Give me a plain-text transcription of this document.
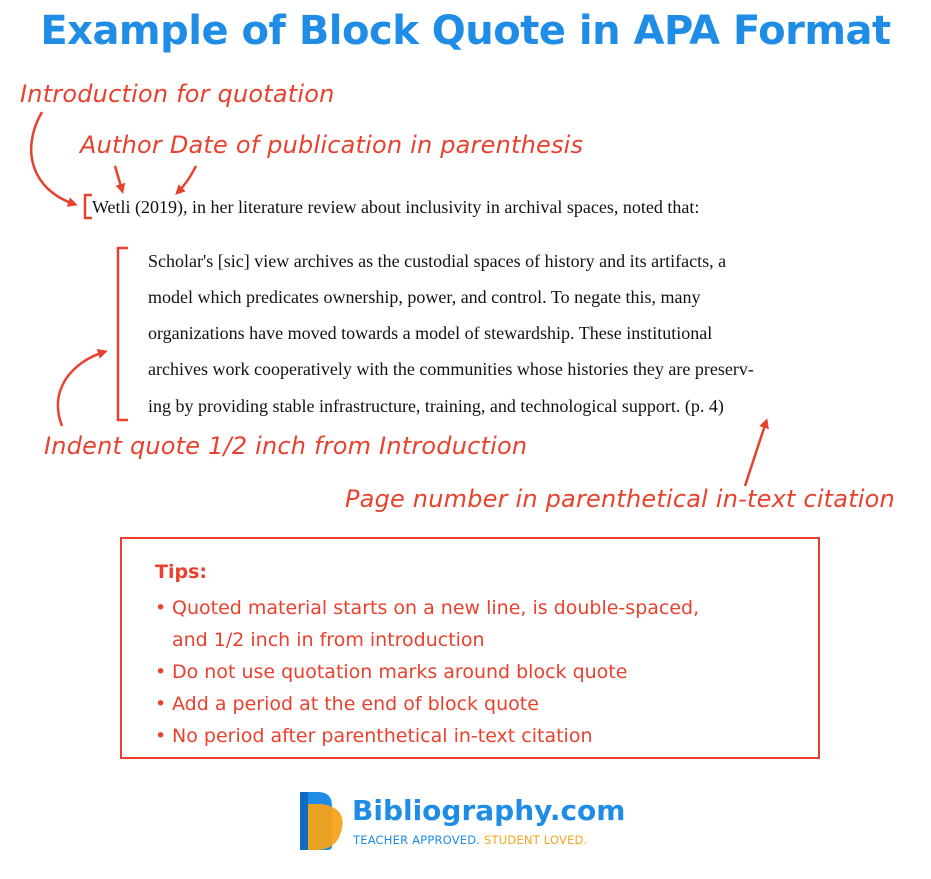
Example of Block Quote in APA Format
Introduction for quotation
Author Date of publication in parenthesis
Wetli (2019), in her literature review about inclusivity in archival spaces, noted that:
Scholar's [sic] view archives as the custodial spaces of history and its artifacts, a
model which predicates ownership, power, and control. To negate this, many
organizations have moved towards a model of stewardship. These institutional
archives work cooperatively with the communities whose histories they are preserv-
ing by providing stable infrastructure, training, and technological support. (p. 4)
Indent quote 1/2 inch from Introduction
Page number in parenthetical in-text citation
Tips:
• Quoted material starts on a new line, is double-spaced,
and 1/2 inch in from introduction
• Do not use quotation marks around block quote
• Add a period at the end of block quote
• No period after parenthetical in-text citation
Bibliography.com
TEACHER APPROVED. STUDENT LOVED.
